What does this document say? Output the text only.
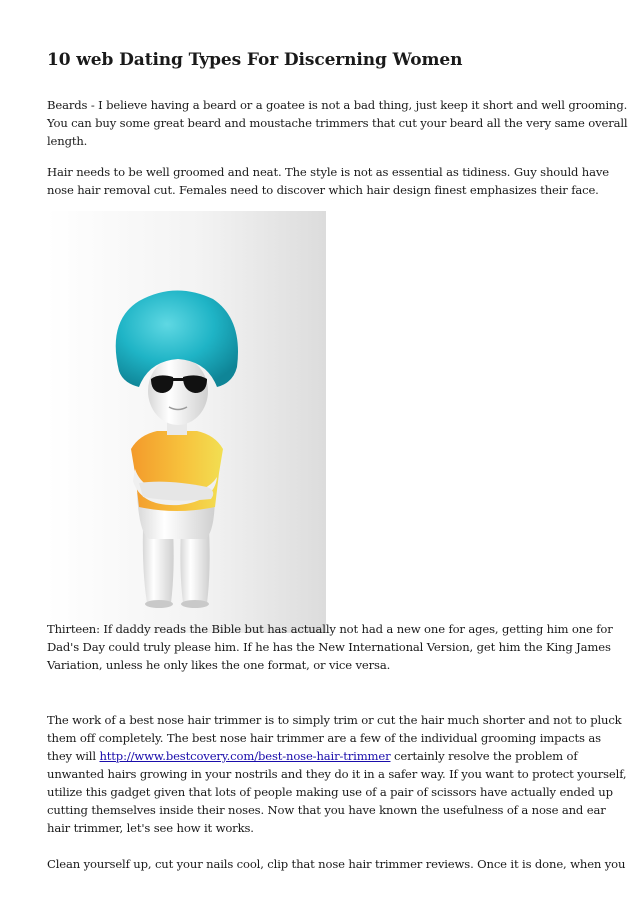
10 web Dating Types For Discerning Women

Beards - I believe having a beard or a goatee is not a bad thing, just keep it short and well grooming.
You can buy some great beard and moustache trimmers that cut your beard all the very same overall
length.

Hair needs to be well groomed and neat. The style is not as essential as tidiness. Guy should have
nose hair removal cut. Females need to discover which hair design finest emphasizes their face.

Thirteen: If daddy reads the Bible but has actually not had a new one for ages, getting him one for
Dad's Day could truly please him. If he has the New International Version, get him the King James
Variation, unless he only likes the one format, or vice versa.

The work of a best nose hair trimmer is to simply trim or cut the hair much shorter and not to pluck
them off completely. The best nose hair trimmer are a few of the individual grooming impacts as
they will http://www.bestcovery.com/best-nose-hair-trimmer certainly resolve the problem of
unwanted hairs growing in your nostrils and they do it in a safer way. If you want to protect yourself,
utilize this gadget given that lots of people making use of a pair of scissors have actually ended up
cutting themselves inside their noses. Now that you have known the usefulness of a nose and ear
hair trimmer, let's see how it works.

Clean yourself up, cut your nails cool, clip that nose hair trimmer reviews. Once it is done, when you
